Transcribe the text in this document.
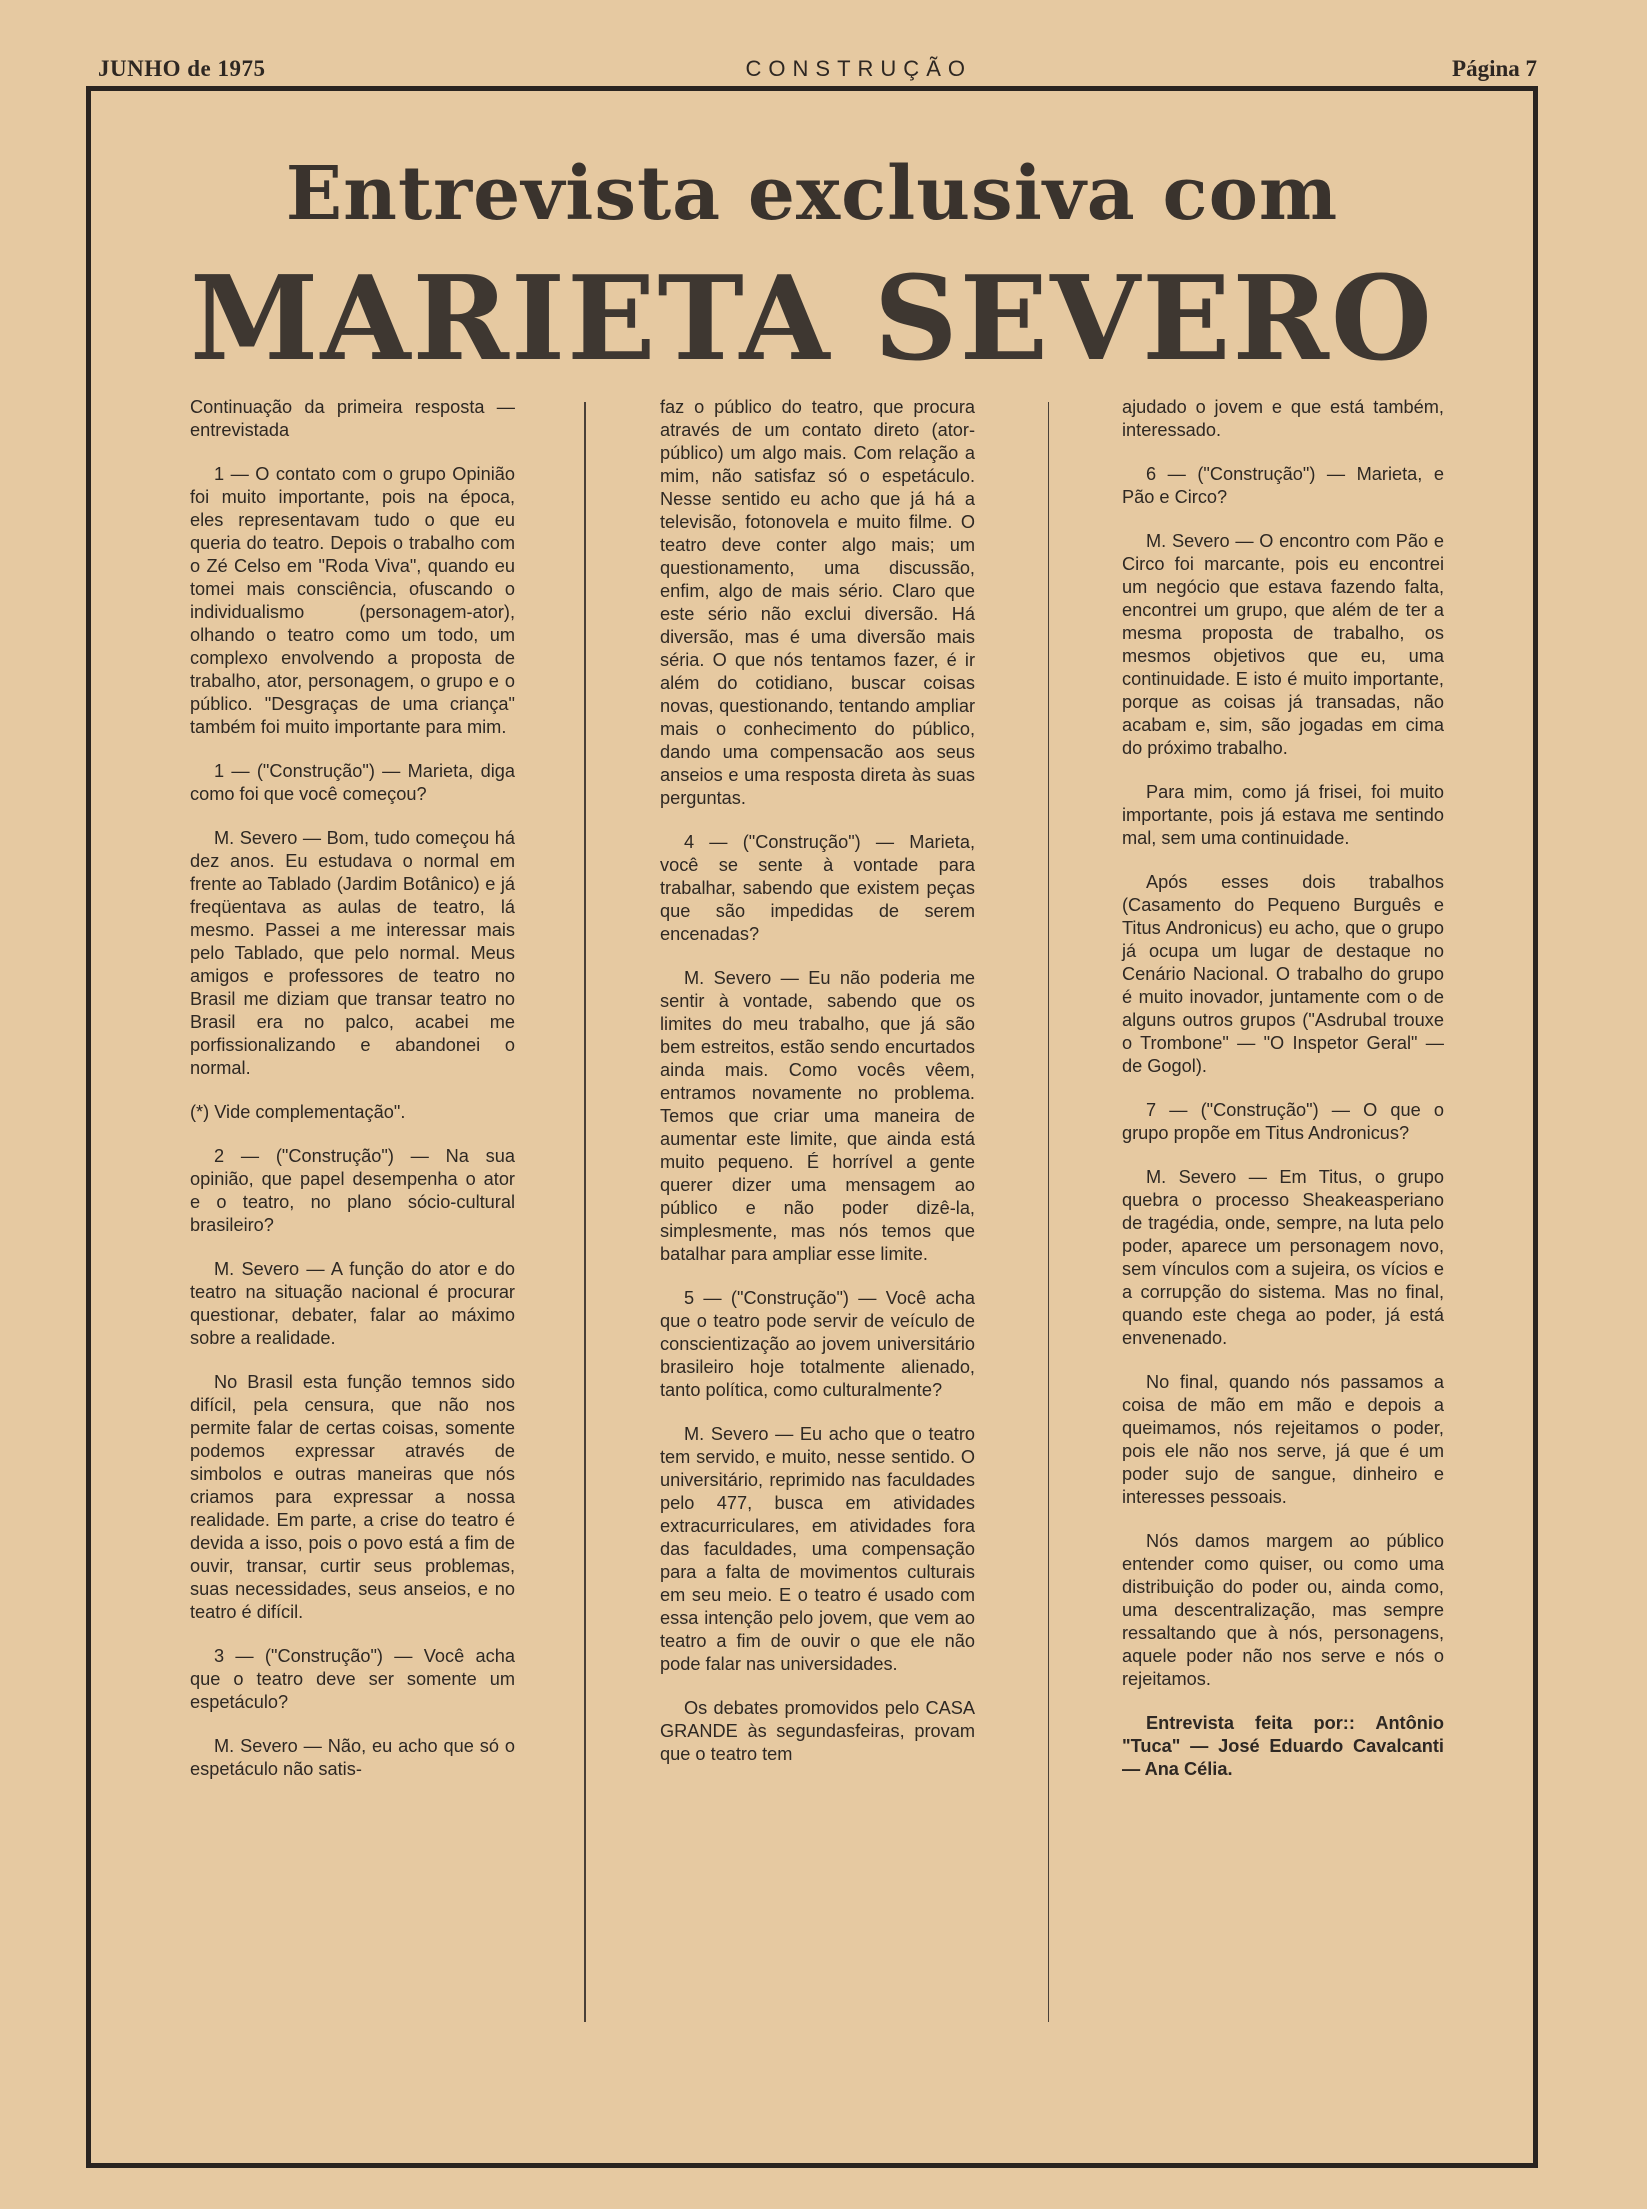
JUNHO de 1975	CONSTRUÇÃO	Página 7
Entrevista exclusiva com
MARIETA SEVERO

Continuação da primeira resposta — entrevistada

1 — O contato com o grupo Opinião foi muito importante, pois na época, eles representavam tudo o que eu queria do teatro. Depois o trabalho com o Zé Celso em "Roda Viva", quando eu tomei mais consciência, ofuscando o individualismo (personagem-ator), olhando o teatro como um todo, um complexo envolvendo a proposta de trabalho, ator, personagem, o grupo e o público. "Desgraças de uma criança" também foi muito importante para mim.

1 — ("Construção") — Marieta, diga como foi que você começou?

M. Severo — Bom, tudo começou há dez anos. Eu estudava o normal em frente ao Tablado (Jardim Botânico) e já freqüentava as aulas de teatro, lá mesmo. Passei a me interessar mais pelo Tablado, que pelo normal. Meus amigos e professores de teatro no Brasil me diziam que transar teatro no Brasil era no palco, acabei me porfissionalizando e abandonei o normal.

(*) Vide complementação".

2 — ("Construção") — Na sua opinião, que papel desempenha o ator e o teatro, no plano sócio-cultural brasileiro?

M. Severo — A função do ator e do teatro na situação nacional é procurar questionar, debater, falar ao máximo sobre a realidade.

No Brasil esta função temnos sido difícil, pela censura, que não nos permite falar de certas coisas, somente podemos expressar através de simbolos e outras maneiras que nós criamos para expressar a nossa realidade. Em parte, a crise do teatro é devida a isso, pois o povo está a fim de ouvir, transar, curtir seus problemas, suas necessidades, seus anseios, e no teatro é difícil.

3 — ("Construção") — Você acha que o teatro deve ser somente um espetáculo?

M. Severo — Não, eu acho que só o espetáculo não satis-

faz o público do teatro, que procura através de um contato direto (ator-público) um algo mais. Com relação a mim, não satisfaz só o espetáculo. Nesse sentido eu acho que já há a televisão, fotonovela e muito filme. O teatro deve conter algo mais; um questionamento, uma discussão, enfim, algo de mais sério. Claro que este sério não exclui diversão. Há diversão, mas é uma diversão mais séria. O que nós tentamos fazer, é ir além do cotidiano, buscar coisas novas, questionando, tentando ampliar mais o conhecimento do público, dando uma compensacão aos seus anseios e uma resposta direta às suas perguntas.

4 — ("Construção") — Marieta, você se sente à vontade para trabalhar, sabendo que existem peças que são impedidas de serem encenadas?

M. Severo — Eu não poderia me sentir à vontade, sabendo que os limites do meu trabalho, que já são bem estreitos, estão sendo encurtados ainda mais. Como vocês vêem, entramos novamente no problema. Temos que criar uma maneira de aumentar este limite, que ainda está muito pequeno. É horrível a gente querer dizer uma mensagem ao público e não poder dizê-la, simplesmente, mas nós temos que batalhar para ampliar esse limite.

5 — ("Construção") — Você acha que o teatro pode servir de veículo de conscientização ao jovem universitário brasileiro hoje totalmente alienado, tanto política, como culturalmente?

M. Severo — Eu acho que o teatro tem servido, e muito, nesse sentido. O universitário, reprimido nas faculdades pelo 477, busca em atividades extracurriculares, em atividades fora das faculdades, uma compensação para a falta de movimentos culturais em seu meio. E o teatro é usado com essa intenção pelo jovem, que vem ao teatro a fim de ouvir o que ele não pode falar nas universidades.

Os debates promovidos pelo CASA GRANDE às segundasfeiras, provam que o teatro tem

ajudado o jovem e que está também, interessado.

6 — ("Construção") — Marieta, e Pão e Circo?

M. Severo — O encontro com Pão e Circo foi marcante, pois eu encontrei um negócio que estava fazendo falta, encontrei um grupo, que além de ter a mesma proposta de trabalho, os mesmos objetivos que eu, uma continuidade. E isto é muito importante, porque as coisas já transadas, não acabam e, sim, são jogadas em cima do próximo trabalho.

Para mim, como já frisei, foi muito importante, pois já estava me sentindo mal, sem uma continuidade.

Após esses dois trabalhos (Casamento do Pequeno Burguês e Titus Andronicus) eu acho, que o grupo já ocupa um lugar de destaque no Cenário Nacional. O trabalho do grupo é muito inovador, juntamente com o de alguns outros grupos ("Asdrubal trouxe o Trombone" — "O Inspetor Geral" — de Gogol).

7 — ("Construção") — O que o grupo propõe em Titus Andronicus?

M. Severo — Em Titus, o grupo quebra o processo Sheakeasperiano de tragédia, onde, sempre, na luta pelo poder, aparece um personagem novo, sem vínculos com a sujeira, os vícios e a corrupção do sistema. Mas no final, quando este chega ao poder, já está envenenado.

No final, quando nós passamos a coisa de mão em mão e depois a queimamos, nós rejeitamos o poder, pois ele não nos serve, já que é um poder sujo de sangue, dinheiro e interesses pessoais.

Nós damos margem ao público entender como quiser, ou como uma distribuição do poder ou, ainda como, uma descentralização, mas sempre ressaltando que à nós, personagens, aquele poder não nos serve e nós o rejeitamos.

Entrevista feita por:: Antônio "Tuca" — José Eduardo Cavalcanti — Ana Célia.
